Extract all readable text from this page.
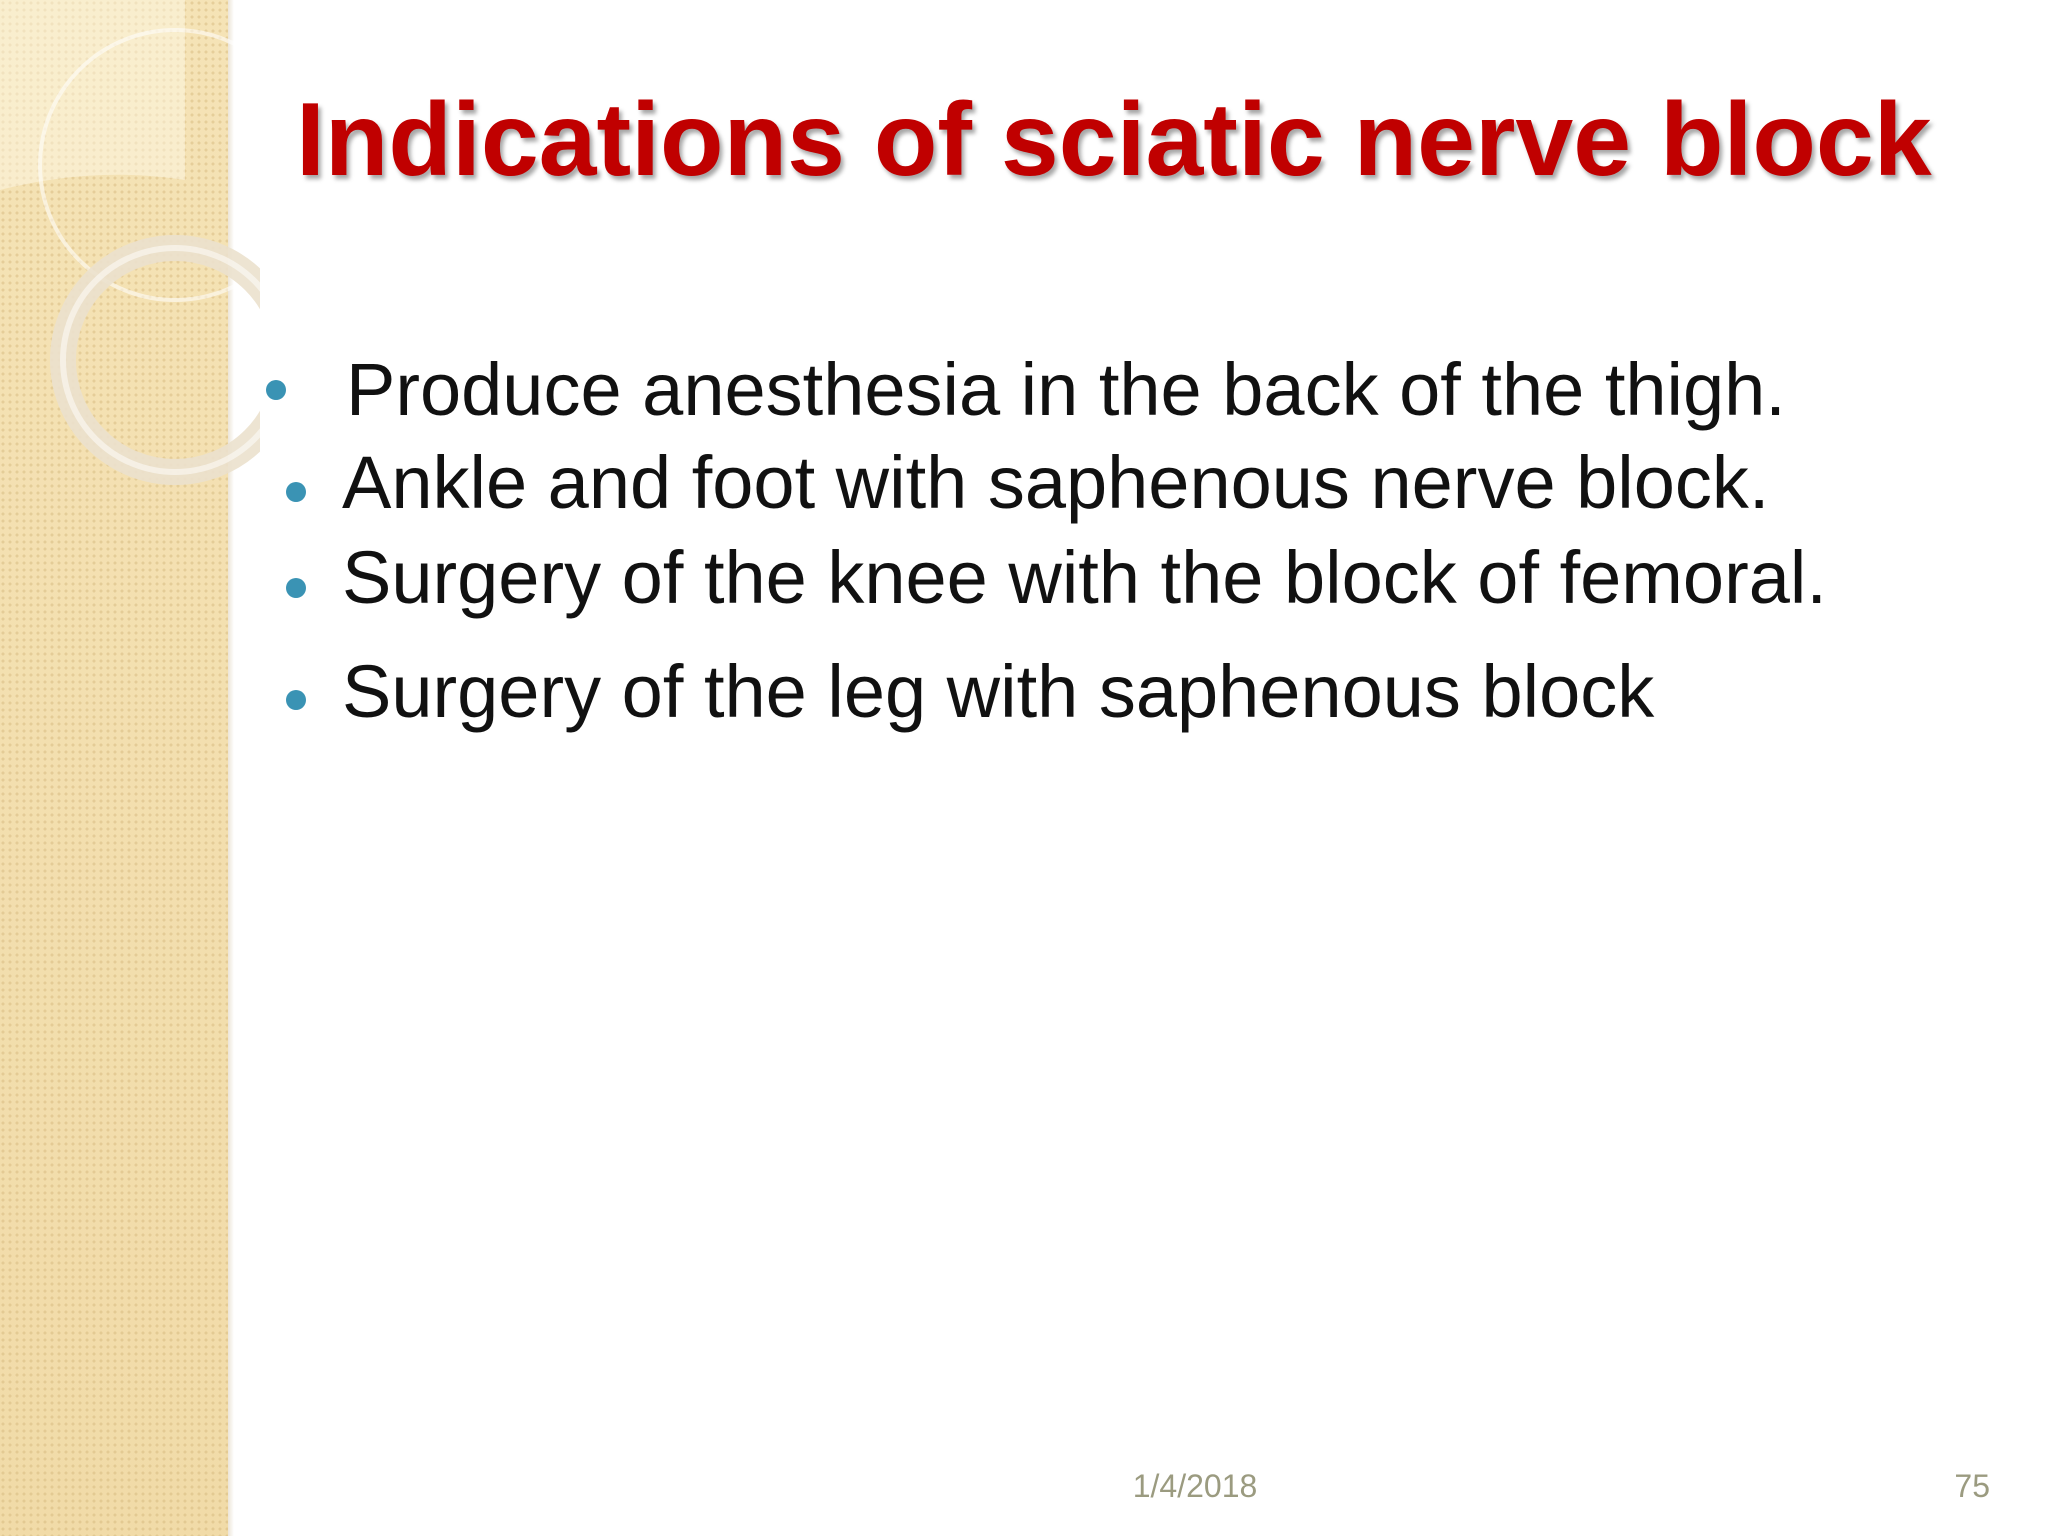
Indications of sciatic nerve block
Produce anesthesia in the back of the thigh.
Ankle and foot with saphenous nerve block.
Surgery of the knee with the block of femoral.
Surgery of the leg with saphenous block
1/4/2018	75
